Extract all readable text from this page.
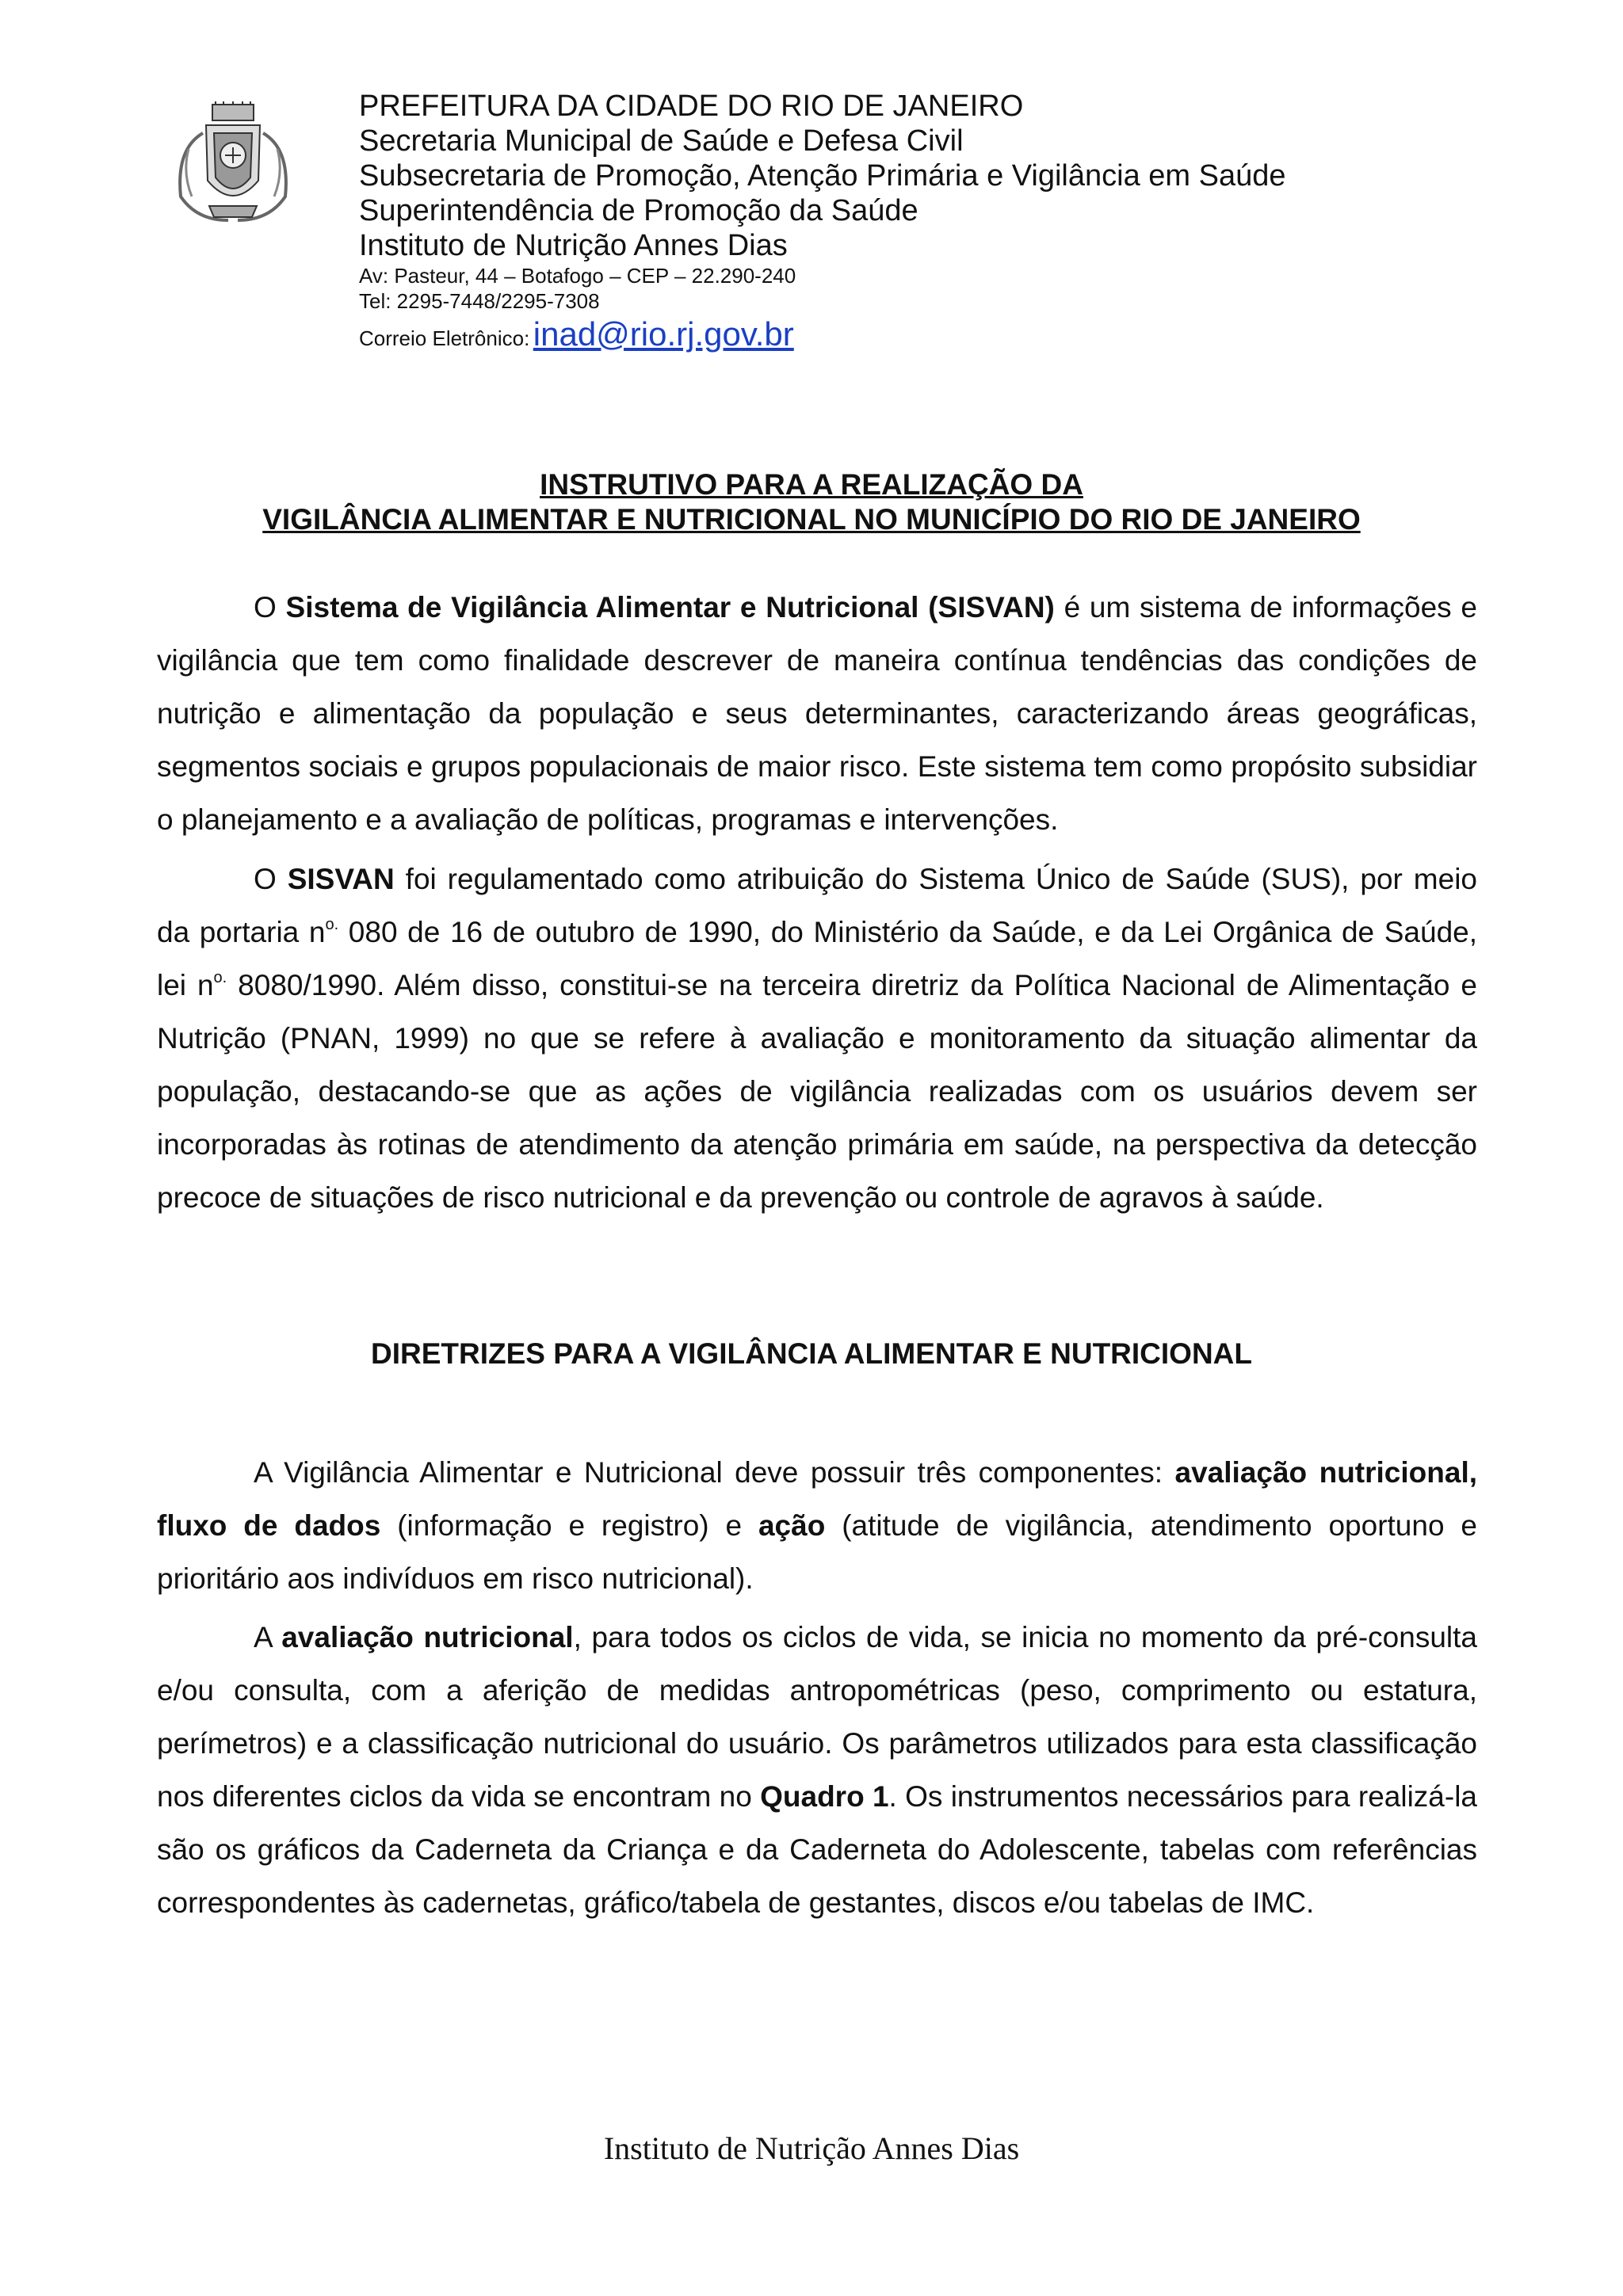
PREFEITURA DA CIDADE DO RIO DE JANEIRO
Secretaria Municipal de Saúde e Defesa Civil
Subsecretaria de Promoção, Atenção Primária e Vigilância em Saúde
Superintendência de Promoção da Saúde
Instituto de Nutrição Annes Dias
Av: Pasteur, 44 – Botafogo – CEP – 22.290-240
Tel: 2295-7448/2295-7308
Correio Eletrônico: inad@rio.rj.gov.br
INSTRUTIVO PARA A REALIZAÇÃO DA
VIGILÂNCIA ALIMENTAR E NUTRICIONAL NO MUNICÍPIO DO RIO DE JANEIRO
O Sistema de Vigilância Alimentar e Nutricional (SISVAN) é um sistema de informações e vigilância que tem como finalidade descrever de maneira contínua tendências das condições de nutrição e alimentação da população e seus determinantes, caracterizando áreas geográficas, segmentos sociais e grupos populacionais de maior risco. Este sistema tem como propósito subsidiar o planejamento e a avaliação de políticas, programas e intervenções.
O SISVAN foi regulamentado como atribuição do Sistema Único de Saúde (SUS), por meio da portaria $n^{o.}$ 080 de 16 de outubro de 1990, do Ministério da Saúde, e da Lei Orgânica de Saúde, lei $n^{o.}$ 8080/1990. Além disso, constitui-se na terceira diretriz da Política Nacional de Alimentação e Nutrição (PNAN, 1999) no que se refere à avaliação e monitoramento da situação alimentar da população, destacando-se que as ações de vigilância realizadas com os usuários devem ser incorporadas às rotinas de atendimento da atenção primária em saúde, na perspectiva da detecção precoce de situações de risco nutricional e da prevenção ou controle de agravos à saúde.
DIRETRIZES PARA A VIGILÂNCIA ALIMENTAR E NUTRICIONAL
A Vigilância Alimentar e Nutricional deve possuir três componentes: avaliação nutricional, fluxo de dados (informação e registro) e ação (atitude de vigilância, atendimento oportuno e prioritário aos indivíduos em risco nutricional).
A avaliação nutricional, para todos os ciclos de vida, se inicia no momento da pré-consulta e/ou consulta, com a aferição de medidas antropométricas (peso, comprimento ou estatura, perímetros) e a classificação nutricional do usuário. Os parâmetros utilizados para esta classificação nos diferentes ciclos da vida se encontram no Quadro 1. Os instrumentos necessários para realizá-la são os gráficos da Caderneta da Criança e da Caderneta do Adolescente, tabelas com referências correspondentes às cadernetas, gráfico/tabela de gestantes, discos e/ou tabelas de IMC.
Instituto de Nutrição Annes Dias
